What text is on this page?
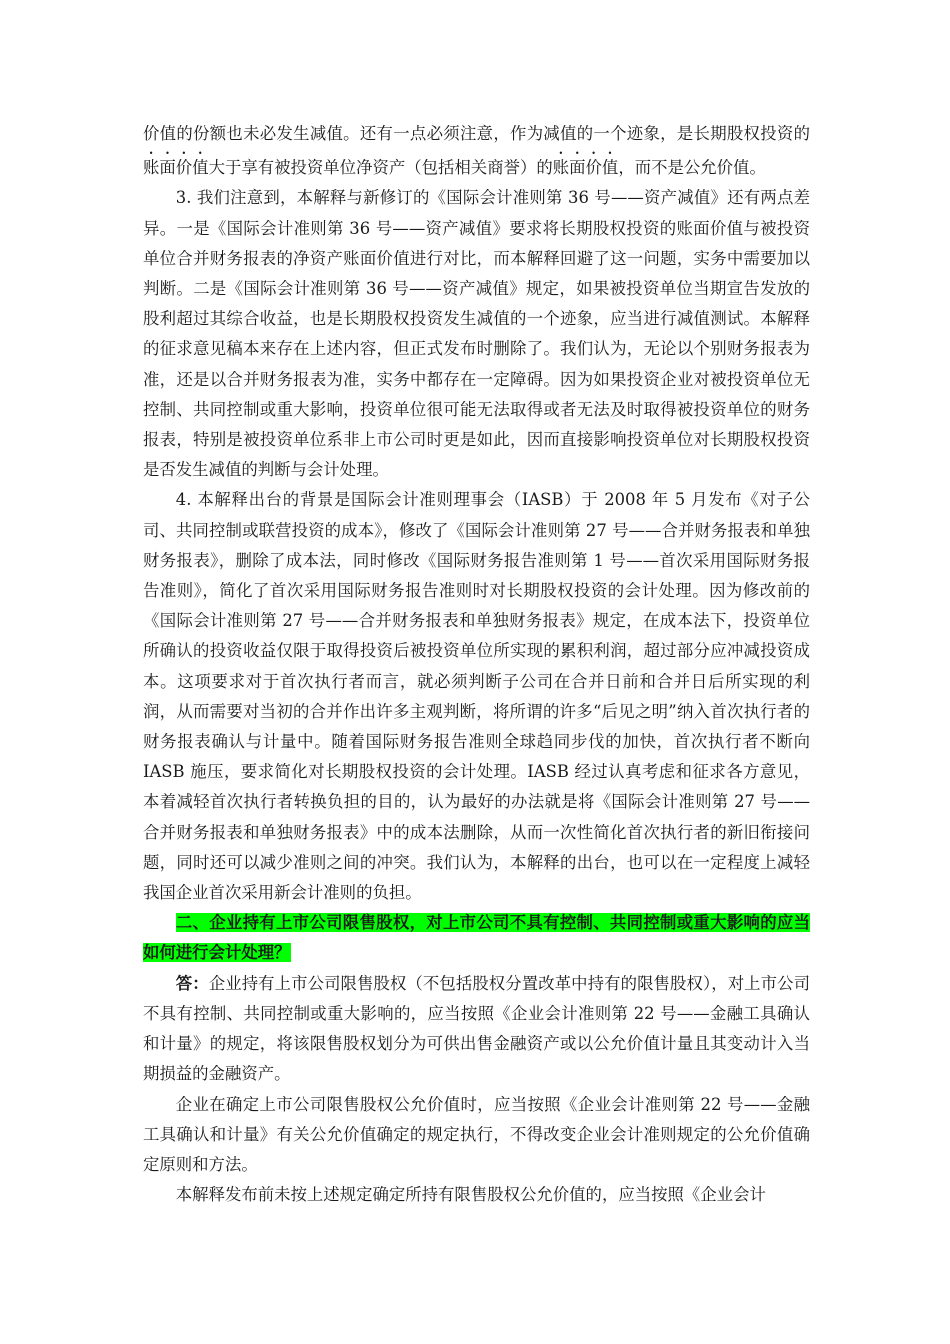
价值的份额也未必发生减值。还有一点必须注意，作为减值的一个迹象，是长期股权投资的账面价值大于享有被投资单位净资产（包括相关商誉）的账面价值，而不是公允价值。

3. 我们注意到，本解释与新修订的《国际会计准则第 36 号——资产减值》还有两点差异。一是《国际会计准则第 36 号——资产减值》要求将长期股权投资的账面价值与被投资单位合并财务报表的净资产账面价值进行对比，而本解释回避了这一问题，实务中需要加以判断。二是《国际会计准则第 36 号——资产减值》规定，如果被投资单位当期宣告发放的股利超过其综合收益，也是长期股权投资发生减值的一个迹象，应当进行减值测试。本解释的征求意见稿本来存在上述内容，但正式发布时删除了。我们认为，无论以个别财务报表为准，还是以合并财务报表为准，实务中都存在一定障碍。因为如果投资企业对被投资单位无控制、共同控制或重大影响，投资单位很可能无法取得或者无法及时取得被投资单位的财务报表，特别是被投资单位系非上市公司时更是如此，因而直接影响投资单位对长期股权投资是否发生减值的判断与会计处理。

4. 本解释出台的背景是国际会计准则理事会（IASB）于 2008 年 5 月发布《对子公司、共同控制或联营投资的成本》，修改了《国际会计准则第 27 号——合并财务报表和单独财务报表》，删除了成本法，同时修改《国际财务报告准则第 1 号——首次采用国际财务报告准则》，简化了首次采用国际财务报告准则时对长期股权投资的会计处理。因为修改前的《国际会计准则第 27 号——合并财务报表和单独财务报表》规定，在成本法下，投资单位所确认的投资收益仅限于取得投资后被投资单位所实现的累积利润，超过部分应冲减投资成本。这项要求对于首次执行者而言，就必须判断子公司在合并日前和合并日后所实现的利润，从而需要对当初的合并作出许多主观判断，将所谓的许多“后见之明”纳入首次执行者的财务报表确认与计量中。随着国际财务报告准则全球趋同步伐的加快，首次执行者不断向 IASB 施压，要求简化对长期股权投资的会计处理。IASB 经过认真考虑和征求各方意见，本着减轻首次执行者转换负担的目的，认为最好的办法就是将《国际会计准则第 27 号——合并财务报表和单独财务报表》中的成本法删除，从而一次性简化首次执行者的新旧衔接问题，同时还可以减少准则之间的冲突。我们认为，本解释的出台，也可以在一定程度上减轻我国企业首次采用新会计准则的负担。

二、企业持有上市公司限售股权，对上市公司不具有控制、共同控制或重大影响的应当如何进行会计处理？

答：企业持有上市公司限售股权（不包括股权分置改革中持有的限售股权），对上市公司不具有控制、共同控制或重大影响的，应当按照《企业会计准则第 22 号——金融工具确认和计量》的规定，将该限售股权划分为可供出售金融资产或以公允价值计量且其变动计入当期损益的金融资产。

企业在确定上市公司限售股权公允价值时，应当按照《企业会计准则第 22 号——金融工具确认和计量》有关公允价值确定的规定执行，不得改变企业会计准则规定的公允价值确定原则和方法。

本解释发布前未按上述规定确定所持有限售股权公允价值的，应当按照《企业会计
